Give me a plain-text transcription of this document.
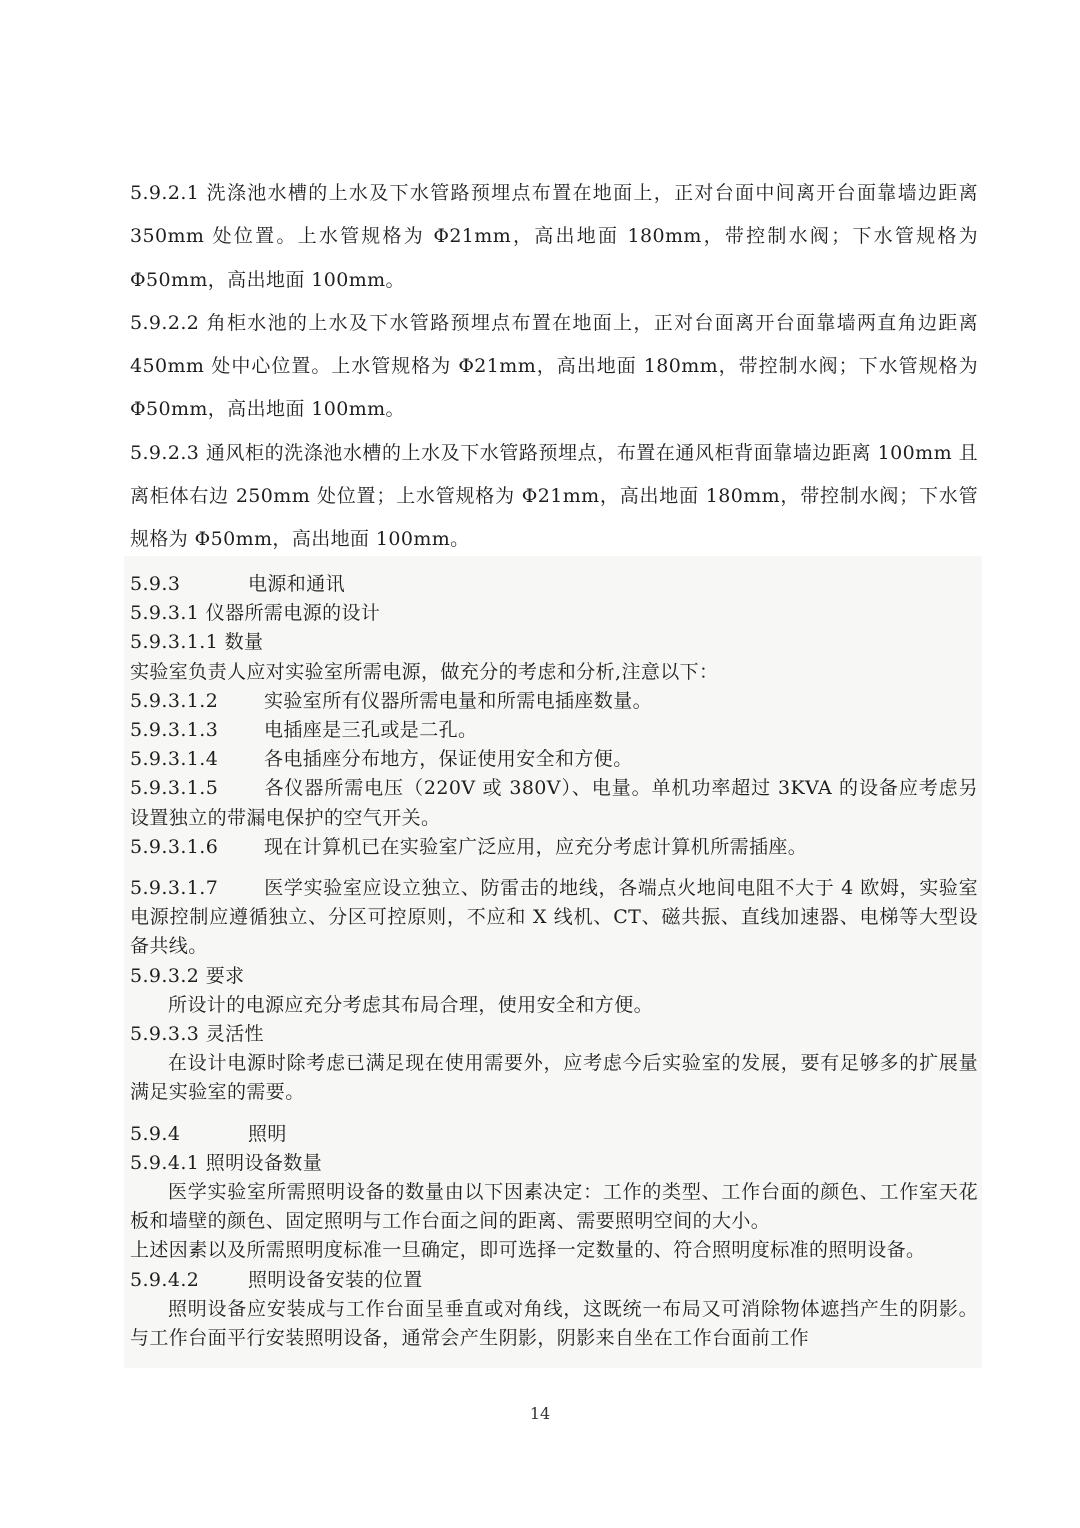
5.9.2.1 洗涤池水槽的上水及下水管路预埋点布置在地面上，正对台面中间离开台面靠墙边距离 350mm 处位置。上水管规格为 Φ21mm，高出地面 180mm，带控制水阀；下水管规格为 Φ50mm，高出地面 100mm。

5.9.2.2 角柜水池的上水及下水管路预埋点布置在地面上，正对台面离开台面靠墙两直角边距离 450mm 处中心位置。上水管规格为 Φ21mm，高出地面 180mm，带控制水阀；下水管规格为 Φ50mm，高出地面 100mm。

5.9.2.3 通风柜的洗涤池水槽的上水及下水管路预埋点，布置在通风柜背面靠墙边距离 100mm 且离柜体右边 250mm 处位置；上水管规格为 Φ21mm，高出地面 180mm，带控制水阀；下水管规格为 Φ50mm，高出地面 100mm。

5.9.3	电源和通讯

5.9.3.1 仪器所需电源的设计

5.9.3.1.1 数量

实验室负责人应对实验室所需电源，做充分的考虑和分析,注意以下：

5.9.3.1.2 实验室所有仪器所需电量和所需电插座数量。

5.9.3.1.3 电插座是三孔或是二孔。

5.9.3.1.4 各电插座分布地方，保证使用安全和方便。

5.9.3.1.5 各仪器所需电压（220V 或 380V）、电量。单机功率超过 3KVA 的设备应考虑另设置独立的带漏电保护的空气开关。

5.9.3.1.6 现在计算机已在实验室广泛应用，应充分考虑计算机所需插座。

5.9.3.1.7 医学实验室应设立独立、防雷击的地线，各端点火地间电阻不大于 4 欧姆，实验室电源控制应遵循独立、分区可控原则，不应和 X 线机、CT、磁共振、直线加速器、电梯等大型设备共线。

5.9.3.2 要求

所设计的电源应充分考虑其布局合理，使用安全和方便。

5.9.3.3 灵活性

在设计电源时除考虑已满足现在使用需要外，应考虑今后实验室的发展，要有足够多的扩展量满足实验室的需要。

5.9.4	照明

5.9.4.1 照明设备数量

医学实验室所需照明设备的数量由以下因素决定：工作的类型、工作台面的颜色、工作室天花板和墙壁的颜色、固定照明与工作台面之间的距离、需要照明空间的大小。

上述因素以及所需照明度标准一旦确定，即可选择一定数量的、符合照明度标准的照明设备。

5.9.4.2	照明设备安装的位置

照明设备应安装成与工作台面呈垂直或对角线，这既统一布局又可消除物体遮挡产生的阴影。与工作台面平行安装照明设备，通常会产生阴影，阴影来自坐在工作台面前工作

14
